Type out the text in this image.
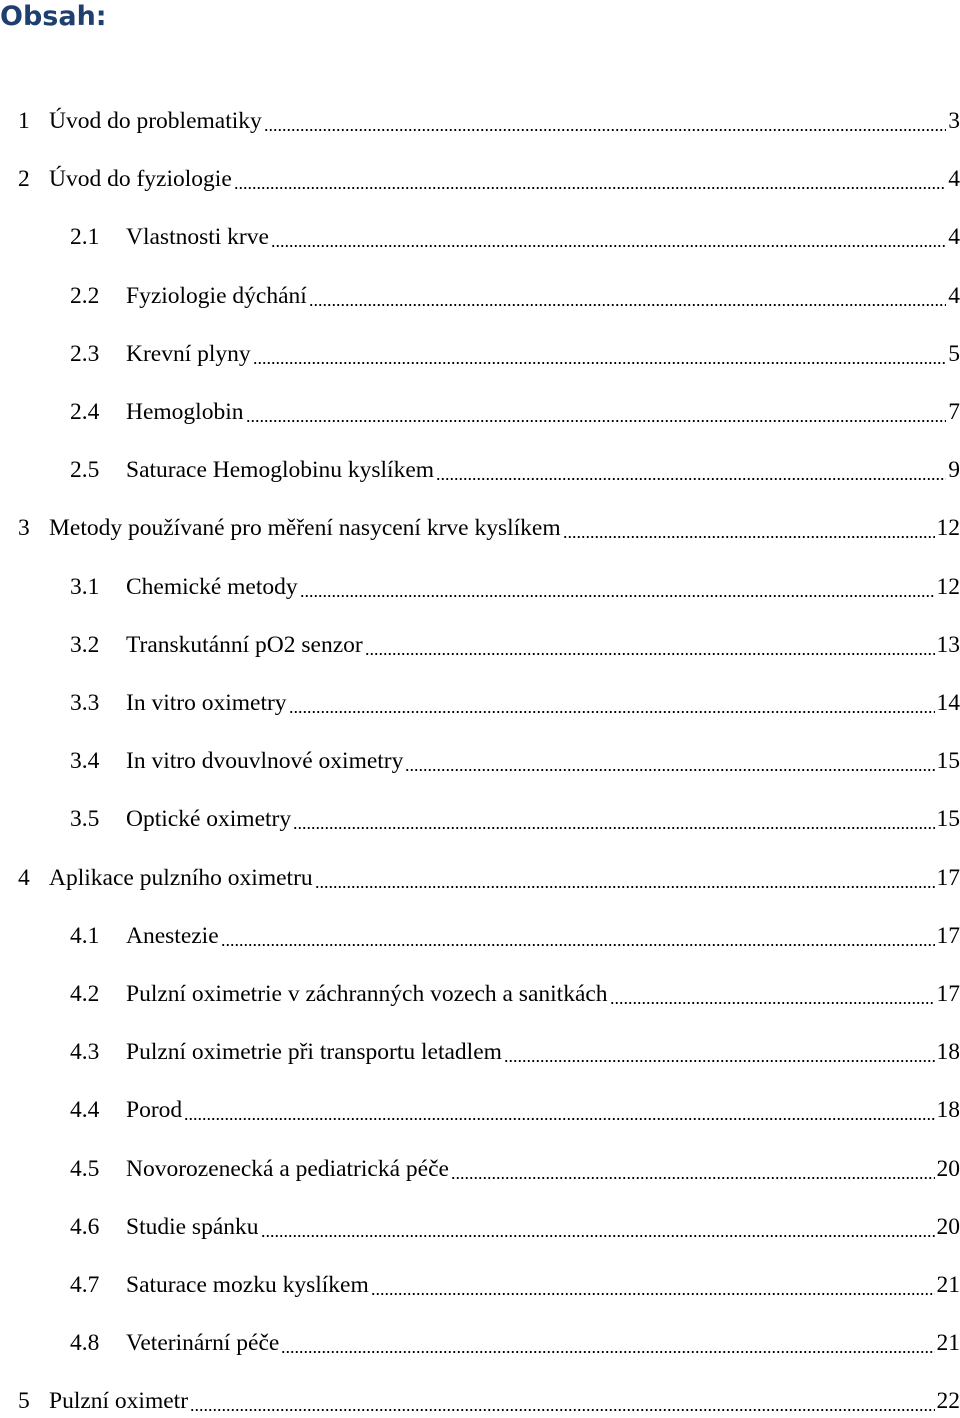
Obsah:
1 Úvod do problematiky	3
2 Úvod do fyziologie	4
2.1	Vlastnosti krve	4
2.2	Fyziologie dýchání	4
2.3	Krevní plyny	5
2.4	Hemoglobin	7
2.5	Saturace Hemoglobinu kyslíkem	9
3 Metody používané pro měření nasycení krve kyslíkem	12
3.1	Chemické metody	12
3.2	Transkutánní pO2 senzor	13
3.3	In vitro oximetry	14
3.4	In vitro dvouvlnové oximetry	15
3.5	Optické oximetry	15
4 Aplikace pulzního oximetru	17
4.1	Anestezie	17
4.2	Pulzní oximetrie v záchranných vozech a sanitkách	17
4.3	Pulzní oximetrie při transportu letadlem	18
4.4	Porod	18
4.5	Novorozenecká a pediatrická péče	20
4.6	Studie spánku	20
4.7	Saturace mozku kyslíkem	21
4.8	Veterinární péče	21
5 Pulzní oximetr	22
